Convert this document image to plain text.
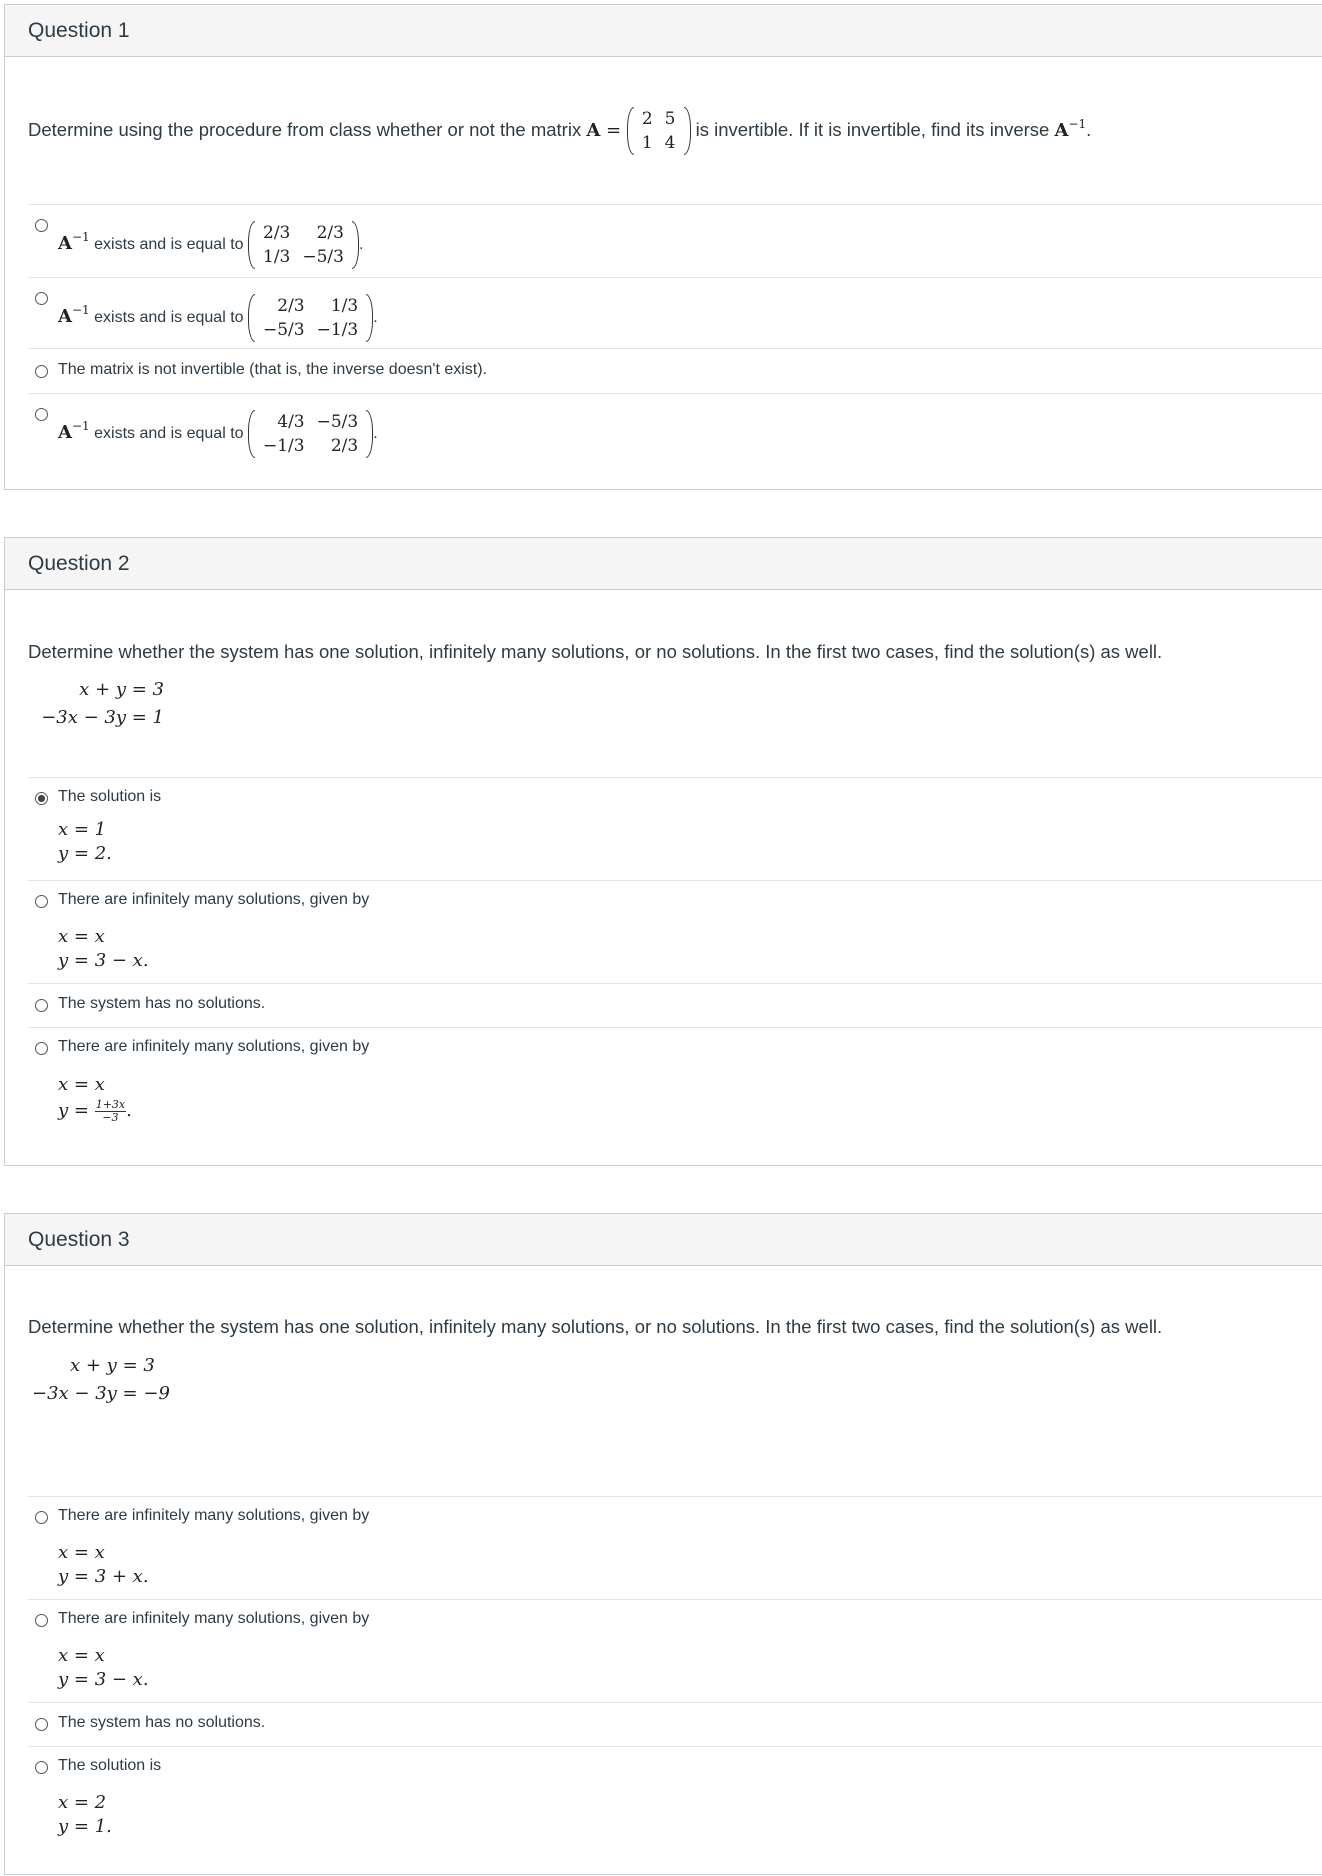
Question 1
Determine using the procedure from class whether or not the matrix A =
2	5
1	4
is invertible. If it is invertible, find its inverse $A^{-1}$.
$A^{-1}$ exists and is equal to
2/3	2/3
1/3	−5/3
.
$A^{-1}$ exists and is equal to
2/3	1/3
−5/3	−1/3
.
The matrix is not invertible (that is, the inverse doesn't exist).
$A^{-1}$ exists and is equal to
4/3	−5/3
−1/3	2/3
.
Question 2
Determine whether the system has one solution, infinitely many solutions, or no solutions. In the first two cases, find the solution(s) as well.
x + y = 3
−3x − 3y = 1
The solution is
x = 1
y = 2.
There are infinitely many solutions, given by
x = x
y = 3 − x.
The system has no solutions.
There are infinitely many solutions, given by
x = x
$y = \frac{1+3x}{-3}$ .
Question 3
Determine whether the system has one solution, infinitely many solutions, or no solutions. In the first two cases, find the solution(s) as well.
x + y = 3
−3x − 3y = −9
There are infinitely many solutions, given by
x = x
y = 3 + x.
There are infinitely many solutions, given by
x = x
y = 3 − x.
The system has no solutions.
The solution is
x = 2
y = 1.
